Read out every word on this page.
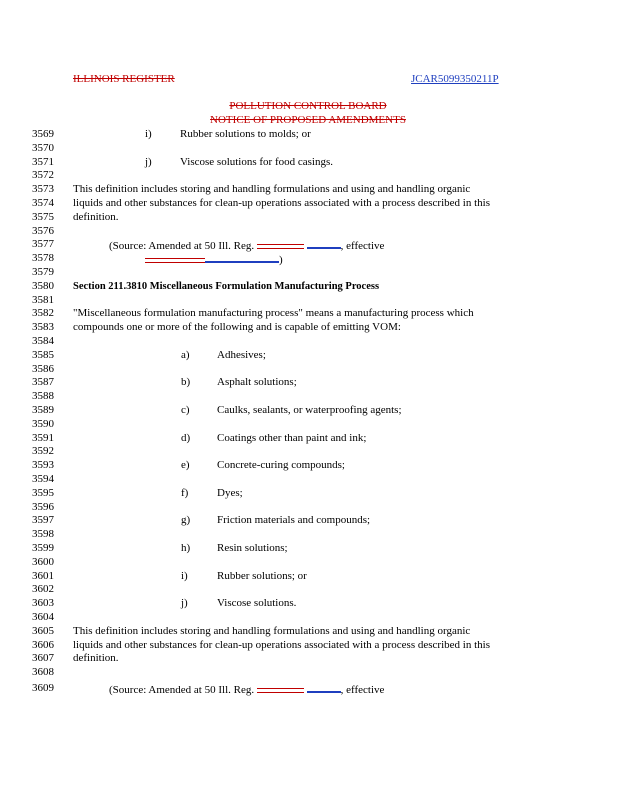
ILLINOIS REGISTER	JCAR5099350211P
POLLUTION CONTROL BOARD
NOTICE OF PROPOSED AMENDMENTS
3569	i)	Rubber solutions to molds; or
3570
3571	j)	Viscose solutions for food casings.
3572
3573 This definition includes storing and handling formulations and using and handling organic
3574 liquids and other substances for clean-up operations associated with a process described in this
3575 definition.
3576
3577	(Source: Amended at 50 Ill. Reg.	, effective
3578	)
3579
3580 Section 211.3810 Miscellaneous Formulation Manufacturing Process
3581
3582 "Miscellaneous formulation manufacturing process" means a manufacturing process which
3583 compounds one or more of the following and is capable of emitting VOM:
3584
3585	a) Adhesives;
3586
3587	b) Asphalt solutions;
3588
3589	c) Caulks, sealants, or waterproofing agents;
3590
3591	d) Coatings other than paint and ink;
3592
3593	e) Concrete-curing compounds;
3594
3595	f)	Dyes;
3596
3597	g) Friction materials and compounds;
3598
3599	h) Resin solutions;
3600
3601	i)	Rubber solutions; or
3602
3603	j)	Viscose solutions.
3604
3605 This definition includes storing and handling formulations and using and handling organic
3606 liquids and other substances for clean-up operations associated with a process described in this
3607 definition.
3608
3609	(Source: Amended at 50 Ill. Reg.	, effective
